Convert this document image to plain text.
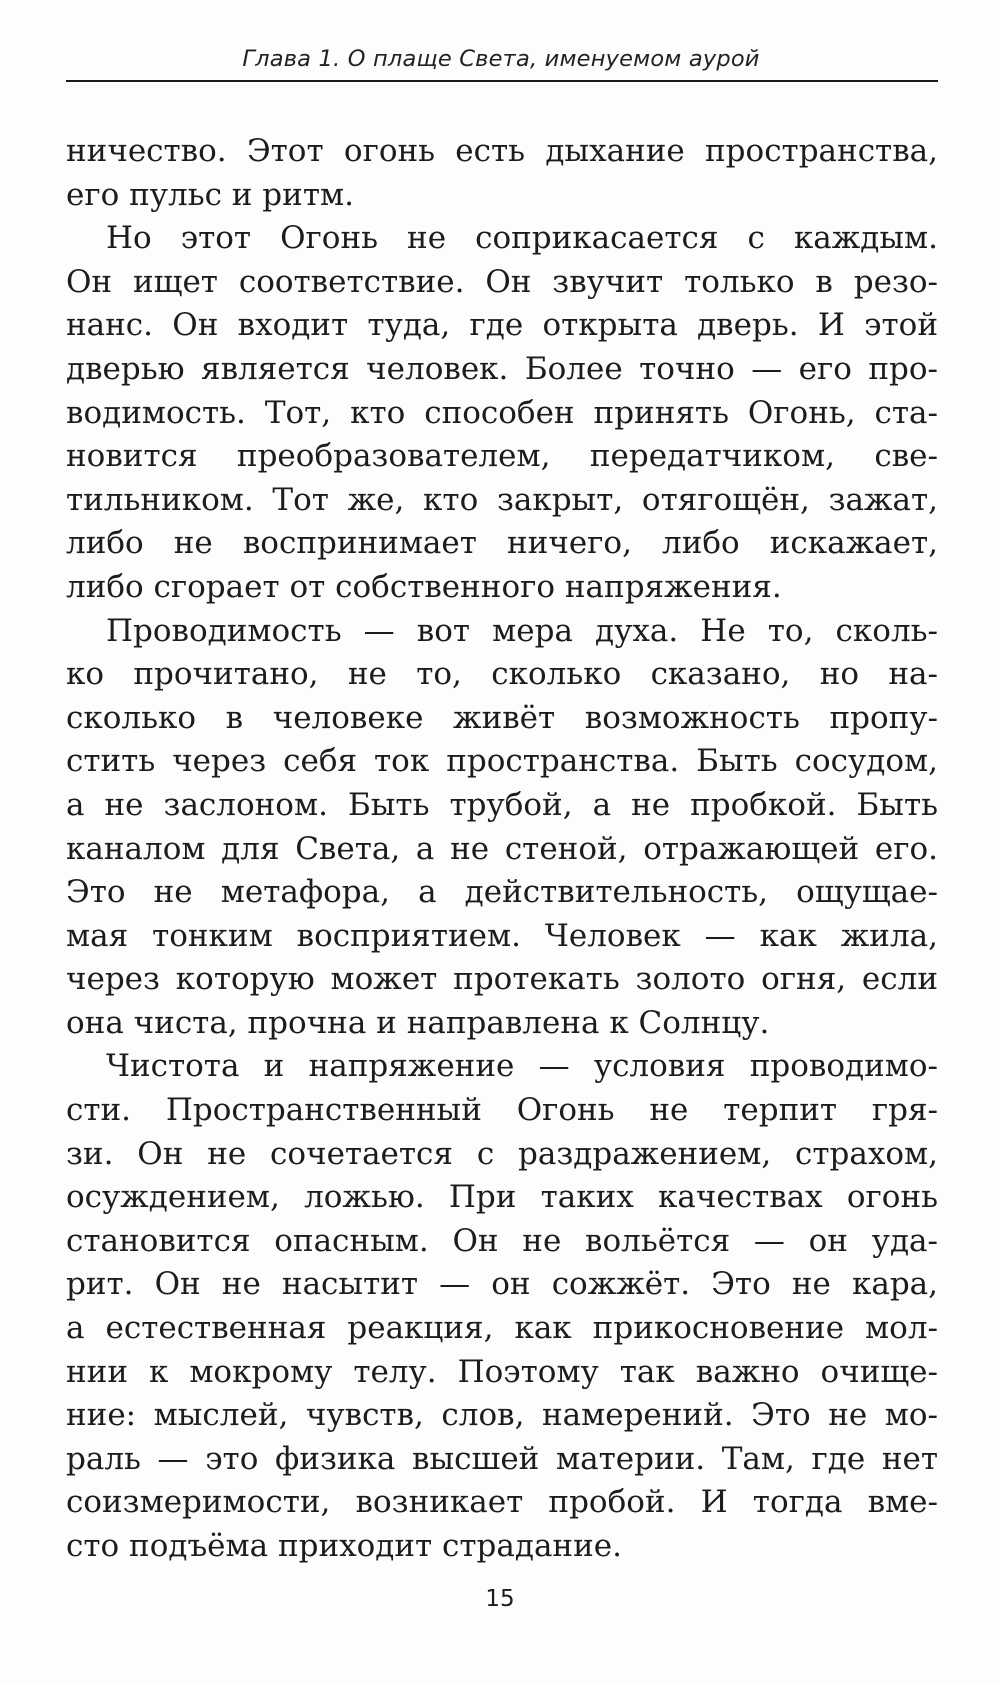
Глава 1. О плаще Света, именуемом аурой
ничество. Этот огонь есть дыхание пространства,
его пульс и ритм.
Но этот Огонь не соприкасается с каждым.
Он ищет соответствие. Он звучит только в резо-
нанс. Он входит туда, где открыта дверь. И этой
дверью является человек. Более точно — его про-
водимость. Тот, кто способен принять Огонь, ста-
новится преобразователем, передатчиком, све-
тильником. Тот же, кто закрыт, отягощён, зажат,
либо не воспринимает ничего, либо искажает,
либо сгорает от собственного напряжения.
Проводимость — вот мера духа. Не то, сколь-
ко прочитано, не то, сколько сказано, но на-
сколько в человеке живёт возможность пропу-
стить через себя ток пространства. Быть сосудом,
а не заслоном. Быть трубой, а не пробкой. Быть
каналом для Света, а не стеной, отражающей его.
Это не метафора, а действительность, ощущае-
мая тонким восприятием. Человек — как жила,
через которую может протекать золото огня, если
она чиста, прочна и направлена к Солнцу.
Чистота и напряжение — условия проводимо-
сти. Пространственный Огонь не терпит гря-
зи. Он не сочетается с раздражением, страхом,
осуждением, ложью. При таких качествах огонь
становится опасным. Он не вольётся — он уда-
рит. Он не насытит — он сожжёт. Это не кара,
а естественная реакция, как прикосновение мол-
нии к мокрому телу. Поэтому так важно очище-
ние: мыслей, чувств, слов, намерений. Это не мо-
раль — это физика высшей материи. Там, где нет
соизмеримости, возникает пробой. И тогда вме-
сто подъёма приходит страдание.
15
